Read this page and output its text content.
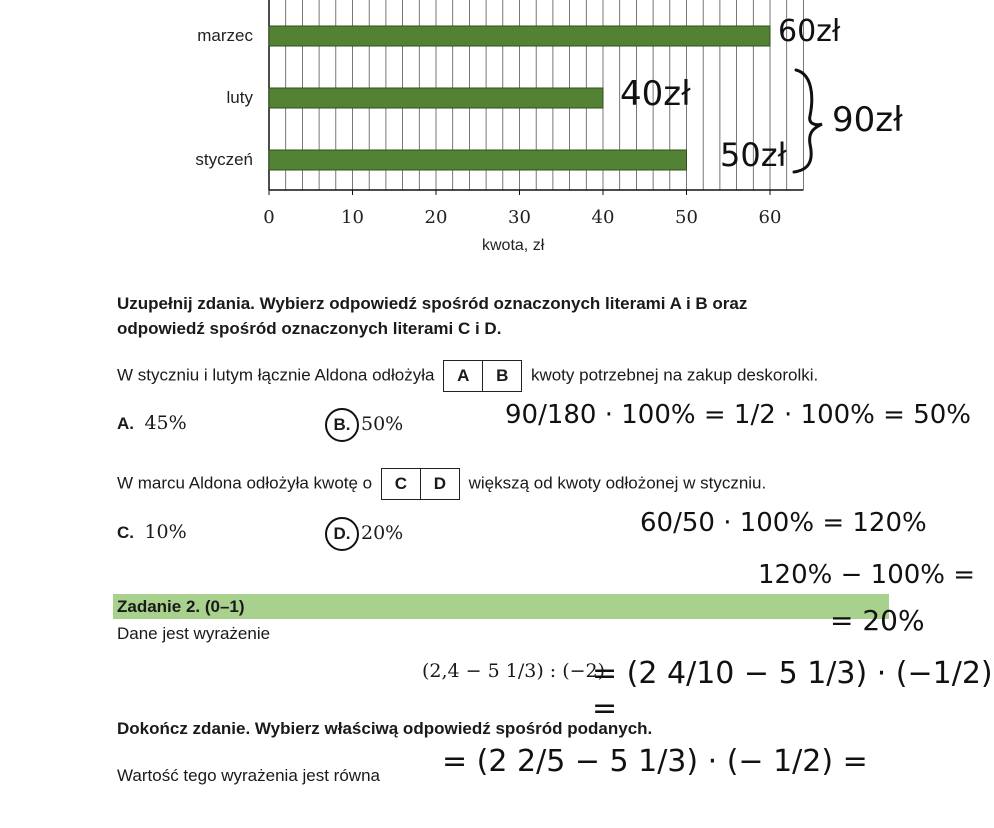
0	10	20	30	40	50	60
marzec
luty
styczeń
kwota, zł
60zł
40zł
50zł
90zł
Uzupełnij zdania. Wybierz odpowiedź spośród oznaczonych literami A i B oraz
odpowiedź spośród oznaczonych literami C i D.
W styczniu i lutym łącznie Aldona odłożyła	A	B	kwoty potrzebnej na zakup deskorolki.
A. 45%	B. 50%	90/180 · 100% = 1/2 · 100% = 50%
W marcu Aldona odłożyła kwotę o	C	D	większą od kwoty odłożonej w styczniu.
C. 10%	D. 20%	60/50 · 100% = 120%
120% − 100% =
Zadanie 2. (0–1)	= 20%
Dane jest wyrażenie
(2,4 − 5 1/3) : (−2)
= (2 4/10 − 5 1/3) · (−1/2) =
Dokończ zdanie. Wybierz właściwą odpowiedź spośród podanych.
Wartość tego wyrażenia jest równa = (2 2/5 − 5 1/3) · (− 1/2) =
